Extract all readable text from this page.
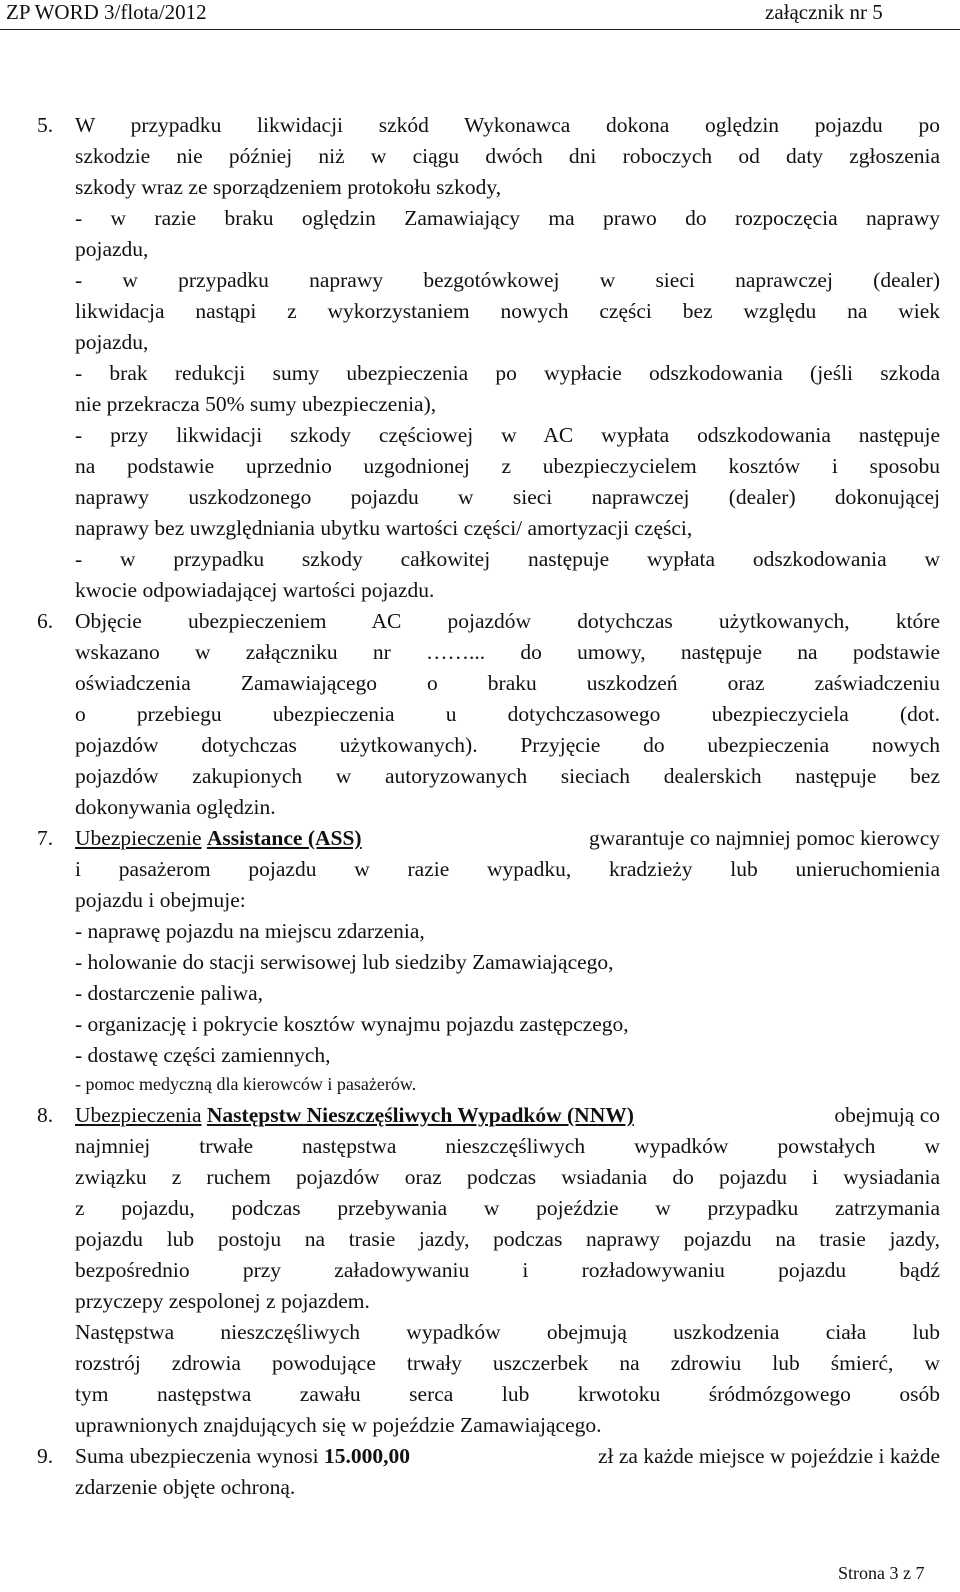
ZP WORD 3/flota/2012	załącznik nr 5
5. W przypadku likwidacji szkód Wykonawca dokona oględzin pojazdu po
szkodzie nie później niż w ciągu dwóch dni roboczych od daty zgłoszenia
szkody wraz ze sporządzeniem protokołu szkody,
- w razie braku oględzin Zamawiający ma prawo do rozpoczęcia naprawy
pojazdu,
- w przypadku naprawy bezgotówkowej w sieci naprawczej (dealer)
likwidacja nastąpi z wykorzystaniem nowych części bez względu na wiek
pojazdu,
- brak redukcji sumy ubezpieczenia po wypłacie odszkodowania (jeśli szkoda
nie przekracza 50% sumy ubezpieczenia),
- przy likwidacji szkody częściowej w AC wypłata odszkodowania następuje
na podstawie uprzednio uzgodnionej z ubezpieczycielem kosztów i sposobu
naprawy uszkodzonego pojazdu w sieci naprawczej (dealer) dokonującej
naprawy bez uwzględniania ubytku wartości części/ amortyzacji części,
- w przypadku szkody całkowitej następuje wypłata odszkodowania w
kwocie odpowiadającej wartości pojazdu.
6. Objęcie ubezpieczeniem AC pojazdów dotychczas użytkowanych, które
wskazano w załączniku nr ……... do umowy, następuje na podstawie
oświadczenia Zamawiającego o braku uszkodzeń oraz zaświadczeniu
o przebiegu ubezpieczenia u dotychczasowego ubezpieczyciela (dot.
pojazdów dotychczas użytkowanych). Przyjęcie do ubezpieczenia nowych
pojazdów zakupionych w autoryzowanych sieciach dealerskich następuje bez
dokonywania oględzin.
7. Ubezpieczenie Assistance (ASS)	gwarantuje co najmniej pomoc kierowcy
i pasażerom pojazdu w razie wypadku, kradzieży lub unieruchomienia
pojazdu i obejmuje:
- naprawę pojazdu na miejscu zdarzenia,
- holowanie do stacji serwisowej lub siedziby Zamawiającego,
- dostarczenie paliwa,
- organizację i pokrycie kosztów wynajmu pojazdu zastępczego,
- dostawę części zamiennych,
- pomoc medyczną dla kierowców i pasażerów.
8. Ubezpieczenia Następstw Nieszczęśliwych Wypadków (NNW)	obejmują co
najmniej trwałe następstwa nieszczęśliwych wypadków powstałych w
związku z ruchem pojazdów oraz podczas wsiadania do pojazdu i wysiadania
z pojazdu, podczas przebywania w pojeździe w przypadku zatrzymania
pojazdu lub postoju na trasie jazdy, podczas naprawy pojazdu na trasie jazdy,
bezpośrednio przy załadowywaniu i rozładowywaniu pojazdu bądź
przyczepy zespolonej z pojazdem.
Następstwa nieszczęśliwych wypadków obejmują uszkodzenia ciała lub
rozstrój zdrowia powodujące trwały uszczerbek na zdrowiu lub śmierć, w
tym następstwa zawału serca lub krwotoku śródmózgowego osób
uprawnionych znajdujących się w pojeździe Zamawiającego.
9. Suma ubezpieczenia wynosi 15.000,00	zł za każde miejsce w pojeździe i każde
zdarzenie objęte ochroną.
Strona 3 z 7
